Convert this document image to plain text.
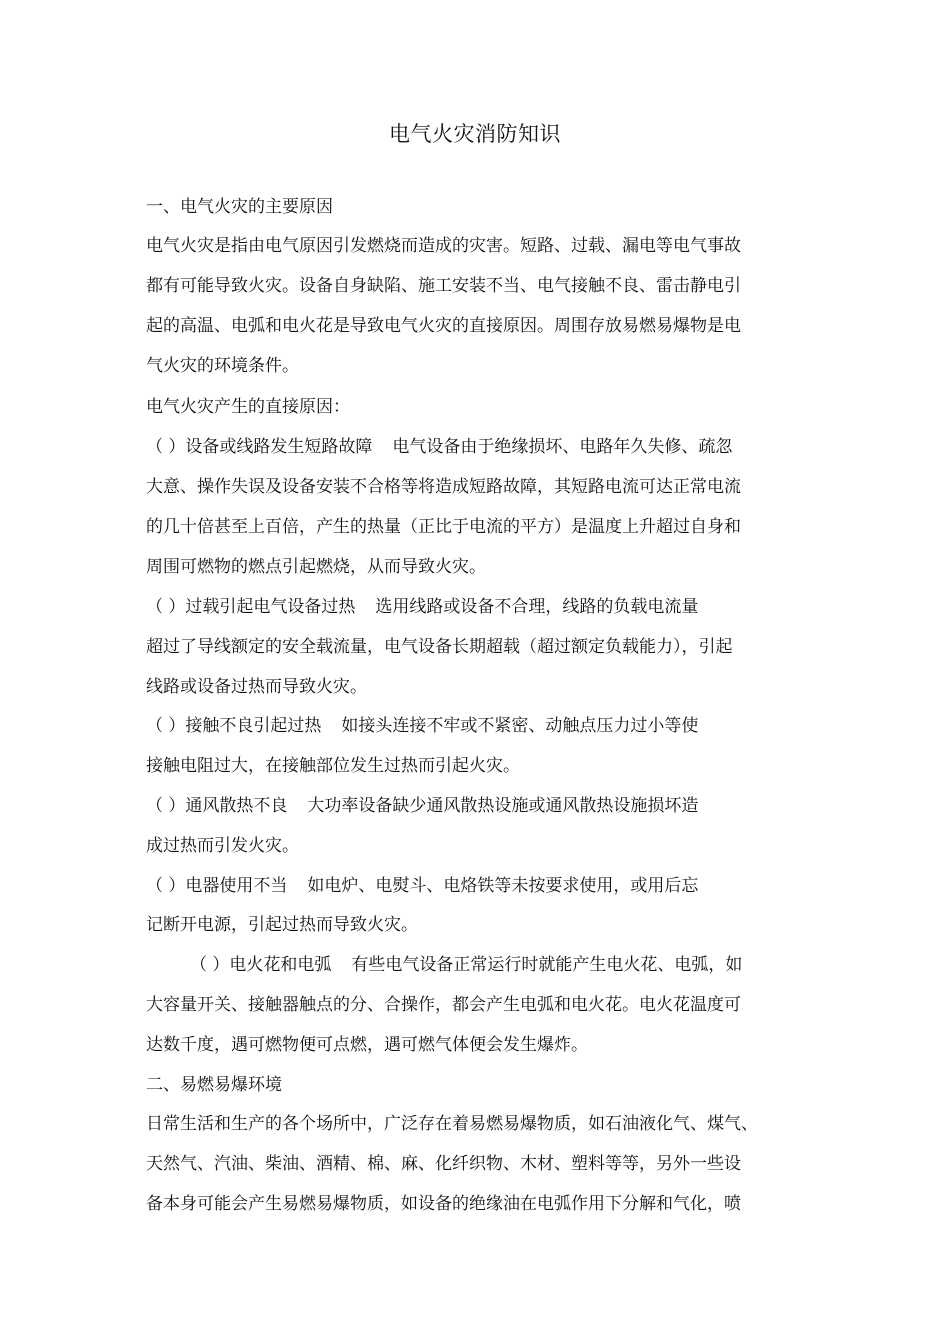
电气火灾消防知识
一、电气火灾的主要原因
电气火灾是指由电气原因引发燃烧而造成的灾害。短路、过载、漏电等电气事故
都有可能导致火灾。设备自身缺陷、施工安装不当、电气接触不良、雷击静电引
起的高温、电弧和电火花是导致电气火灾的直接原因。周围存放易燃易爆物是电
气火灾的环境条件。
电气火灾产生的直接原因：
（ ）设备或线路发生短路故障 电气设备由于绝缘损坏、电路年久失修、疏忽
大意、操作失误及设备安装不合格等将造成短路故障，其短路电流可达正常电流
的几十倍甚至上百倍，产生的热量（正比于电流的平方）是温度上升超过自身和
周围可燃物的燃点引起燃烧，从而导致火灾。
（ ）过载引起电气设备过热 选用线路或设备不合理，线路的负载电流量
超过了导线额定的安全载流量，电气设备长期超载（超过额定负载能力），引起
线路或设备过热而导致火灾。
（ ）接触不良引起过热 如接头连接不牢或不紧密、动触点压力过小等使
接触电阻过大，在接触部位发生过热而引起火灾。
（ ）通风散热不良 大功率设备缺少通风散热设施或通风散热设施损坏造
成过热而引发火灾。
（ ）电器使用不当 如电炉、电熨斗、电烙铁等未按要求使用，或用后忘
记断开电源，引起过热而导致火灾。
（ ）电火花和电弧 有些电气设备正常运行时就能产生电火花、电弧，如
大容量开关、接触器触点的分、合操作，都会产生电弧和电火花。电火花温度可
达数千度，遇可燃物便可点燃，遇可燃气体便会发生爆炸。
二、易燃易爆环境
日常生活和生产的各个场所中，广泛存在着易燃易爆物质，如石油液化气、煤气、
天然气、汽油、柴油、酒精、棉、麻、化纤织物、木材、塑料等等，另外一些设
备本身可能会产生易燃易爆物质，如设备的绝缘油在电弧作用下分解和气化，喷
